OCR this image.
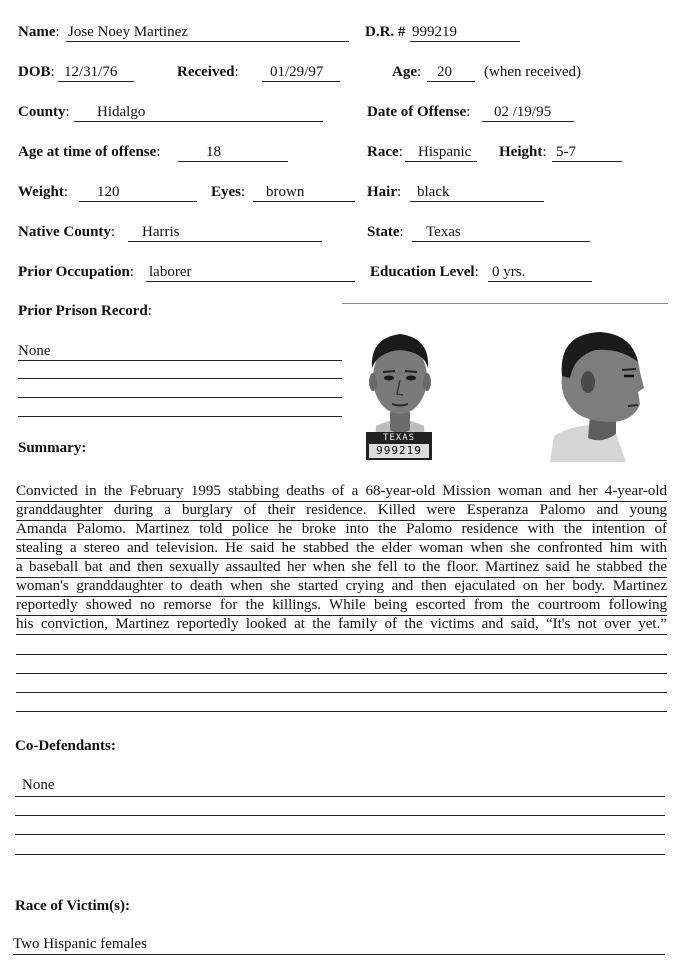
Name: Jose Noey Martinez	D.R. # 999219
DOB: 12/31/76	Received: 01/29/97	Age: 20 (when received)
County: Hidalgo	Date of Offense: 02 /19/95
Age at time of offense:	18	Race: Hispanic Height: 5-7
Weight: 120	Eyes: brown	Hair: black
Native County: Harris	State: Texas
Prior Occupation: laborer	Education Level: 0 yrs.
Prior Prison Record:
None
TEXAS
999219
Summary:
Convicted in the February 1995 stabbing deaths of a 68-year-old Mission woman and her 4-year-old
granddaughter during a burglary of their residence. Killed were Esperanza Palomo and young
Amanda Palomo. Martinez told police he broke into the Palomo residence with the intention of
stealing a stereo and television. He said he stabbed the elder woman when she confronted him with
a baseball bat and then sexually assaulted her when she fell to the floor. Martinez said he stabbed the
woman's granddaughter to death when she started crying and then ejaculated on her body. Martinez
reportedly showed no remorse for the killings. While being escorted from the courtroom following
his conviction, Martinez reportedly looked at the family of the victims and said, “It's not over yet.”
Co-Defendants:
None
Race of Victim(s):
Two Hispanic females
